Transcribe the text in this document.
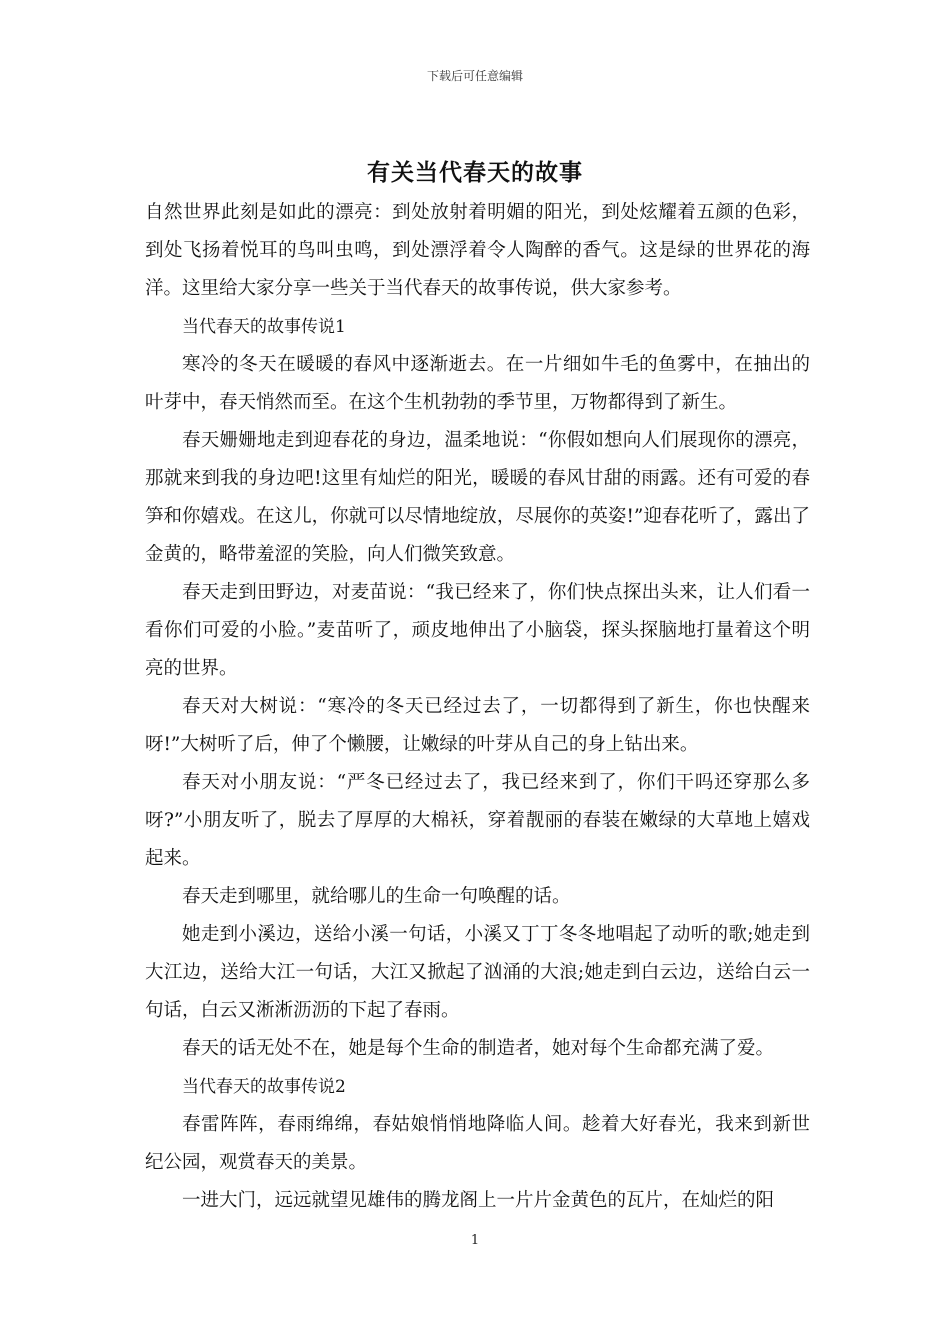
下载后可任意编辑
有关当代春天的故事

自然世界此刻是如此的漂亮：到处放射着明媚的阳光，到处炫耀着五颜的色彩，到处飞扬着悦耳的鸟叫虫鸣，到处漂浮着令人陶醉的香气。这是绿的世界花的海洋。这里给大家分享一些关于当代春天的故事传说，供大家参考。

当代春天的故事传说1

寒冷的冬天在暖暖的春风中逐渐逝去。在一片细如牛毛的鱼雾中，在抽出的叶芽中，春天悄然而至。在这个生机勃勃的季节里，万物都得到了新生。

春天姗姗地走到迎春花的身边，温柔地说：“你假如想向人们展现你的漂亮，那就来到我的身边吧!这里有灿烂的阳光，暖暖的春风甘甜的雨露。还有可爱的春笋和你嬉戏。在这儿，你就可以尽情地绽放，尽展你的英姿!”迎春花听了，露出了金黄的，略带羞涩的笑脸，向人们微笑致意。

春天走到田野边，对麦苗说：“我已经来了，你们快点探出头来，让人们看一看你们可爱的小脸。”麦苗听了，顽皮地伸出了小脑袋，探头探脑地打量着这个明亮的世界。

春天对大树说：“寒冷的冬天已经过去了，一切都得到了新生，你也快醒来呀!”大树听了后，伸了个懒腰，让嫩绿的叶芽从自己的身上钻出来。

春天对小朋友说：“严冬已经过去了，我已经来到了，你们干吗还穿那么多呀?”小朋友听了，脱去了厚厚的大棉袄，穿着靓丽的春装在嫩绿的大草地上嬉戏起来。

春天走到哪里，就给哪儿的生命一句唤醒的话。

她走到小溪边，送给小溪一句话，小溪又丁丁冬冬地唱起了动听的歌;她走到大江边，送给大江一句话，大江又掀起了汹涌的大浪;她走到白云边，送给白云一句话，白云又淅淅沥沥的下起了春雨。

春天的话无处不在，她是每个生命的制造者，她对每个生命都充满了爱。

当代春天的故事传说2

春雷阵阵，春雨绵绵，春姑娘悄悄地降临人间。趁着大好春光，我来到新世纪公园，观赏春天的美景。

一进大门，远远就望见雄伟的腾龙阁上一片片金黄色的瓦片，在灿烂的阳

1
